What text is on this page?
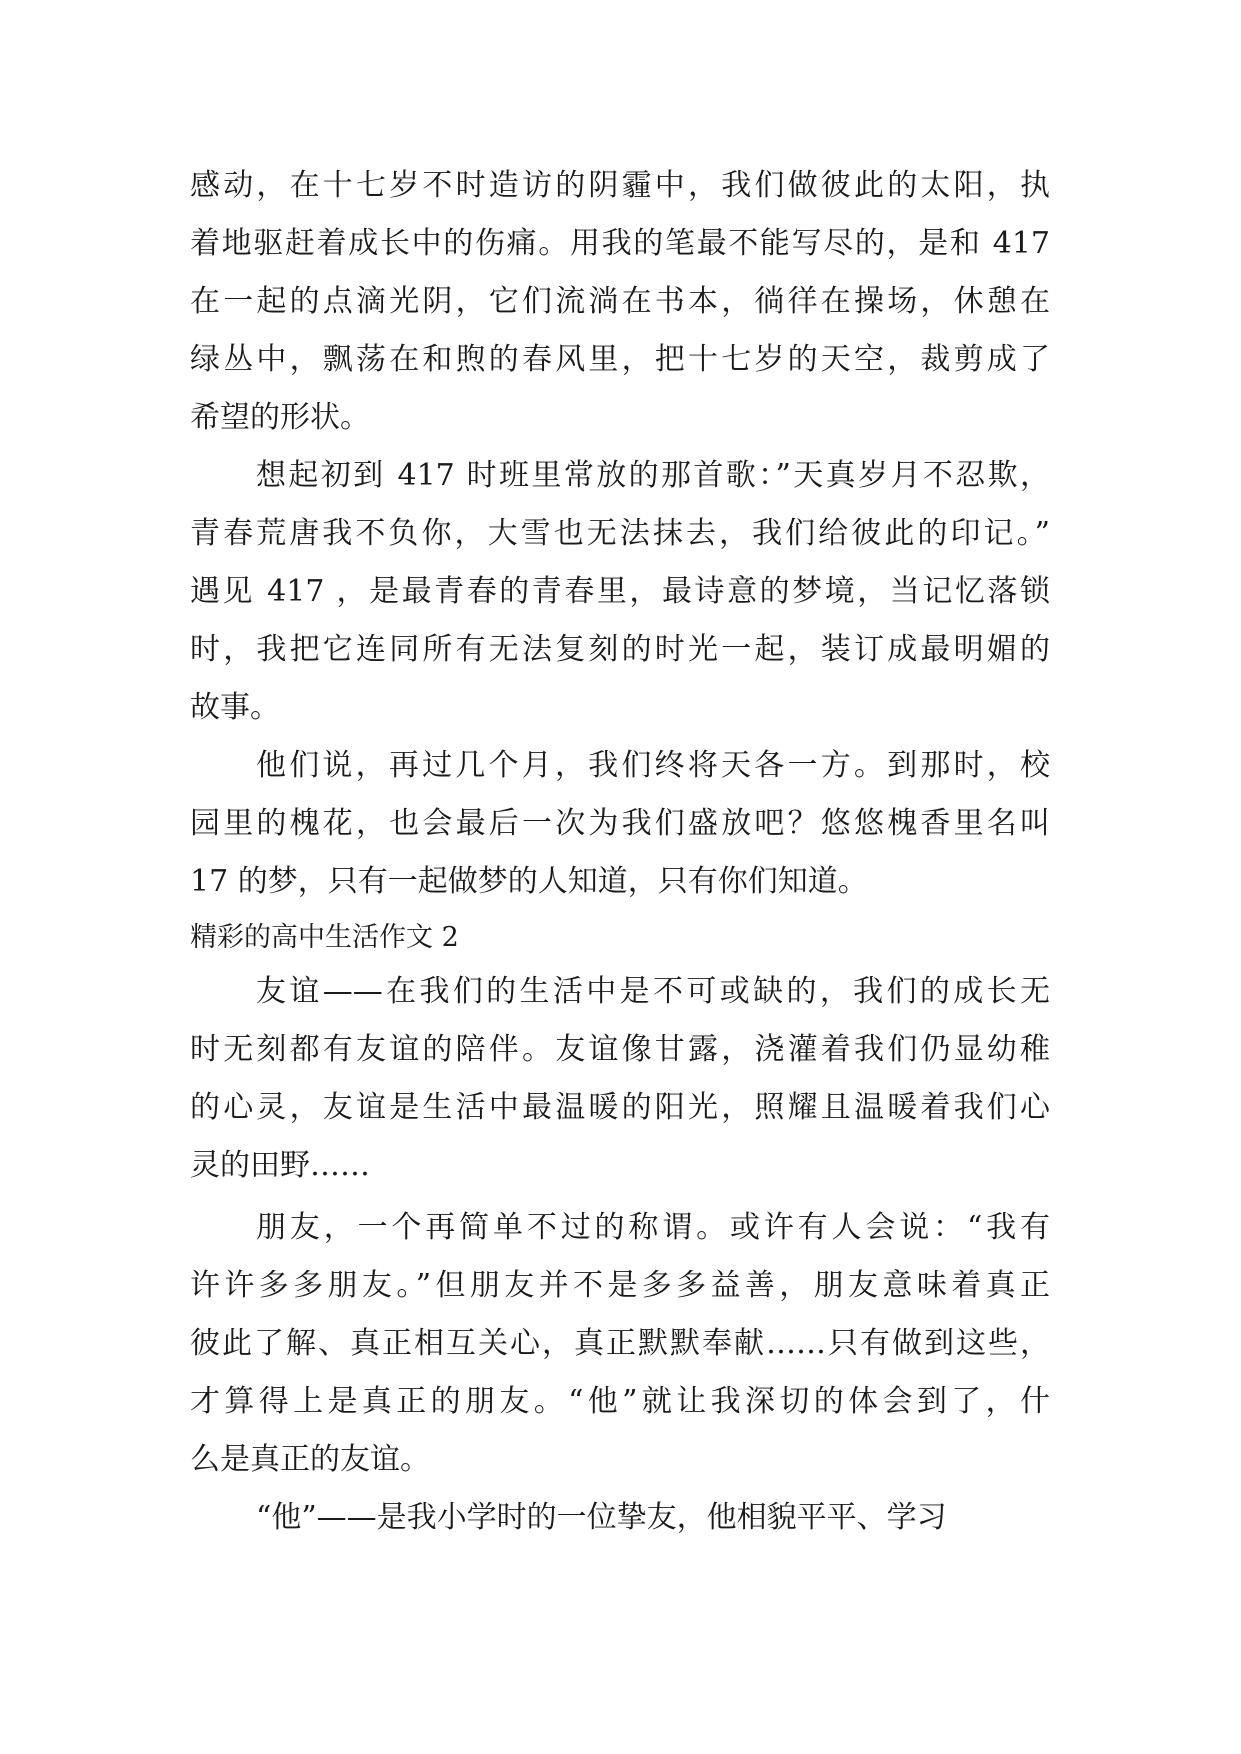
感动，在十七岁不时造访的阴霾中，我们做彼此的太阳，执
着地驱赶着成长中的伤痛。用我的笔最不能写尽的，是和 417
在一起的点滴光阴，它们流淌在书本，徜徉在操场，休憩在
绿丛中，飘荡在和煦的春风里，把十七岁的天空，裁剪成了
希望的形状。
想起初到 417 时班里常放的那首歌：”天真岁月不忍欺，
青春荒唐我不负你，大雪也无法抹去，我们给彼此的印记。”
遇见 417 ，是最青春的青春里，最诗意的梦境，当记忆落锁
时，我把它连同所有无法复刻的时光一起，装订成最明媚的
故事。
他们说，再过几个月，我们终将天各一方。到那时，校
园里的槐花，也会最后一次为我们盛放吧？悠悠槐香里名叫
17 的梦，只有一起做梦的人知道，只有你们知道。
精彩的高中生活作文 2
友谊——在我们的生活中是不可或缺的，我们的成长无
时无刻都有友谊的陪伴。友谊像甘露，浇灌着我们仍显幼稚
的心灵，友谊是生活中最温暖的阳光，照耀且温暖着我们心
灵的田野……
朋友，一个再简单不过的称谓。或许有人会说：“我有
许许多多朋友。”但朋友并不是多多益善，朋友意味着真正
彼此了解、真正相互关心，真正默默奉献……只有做到这些，
才算得上是真正的朋友。“他”就让我深切的体会到了，什
么是真正的友谊。
“他”——是我小学时的一位挚友，他相貌平平、学习
